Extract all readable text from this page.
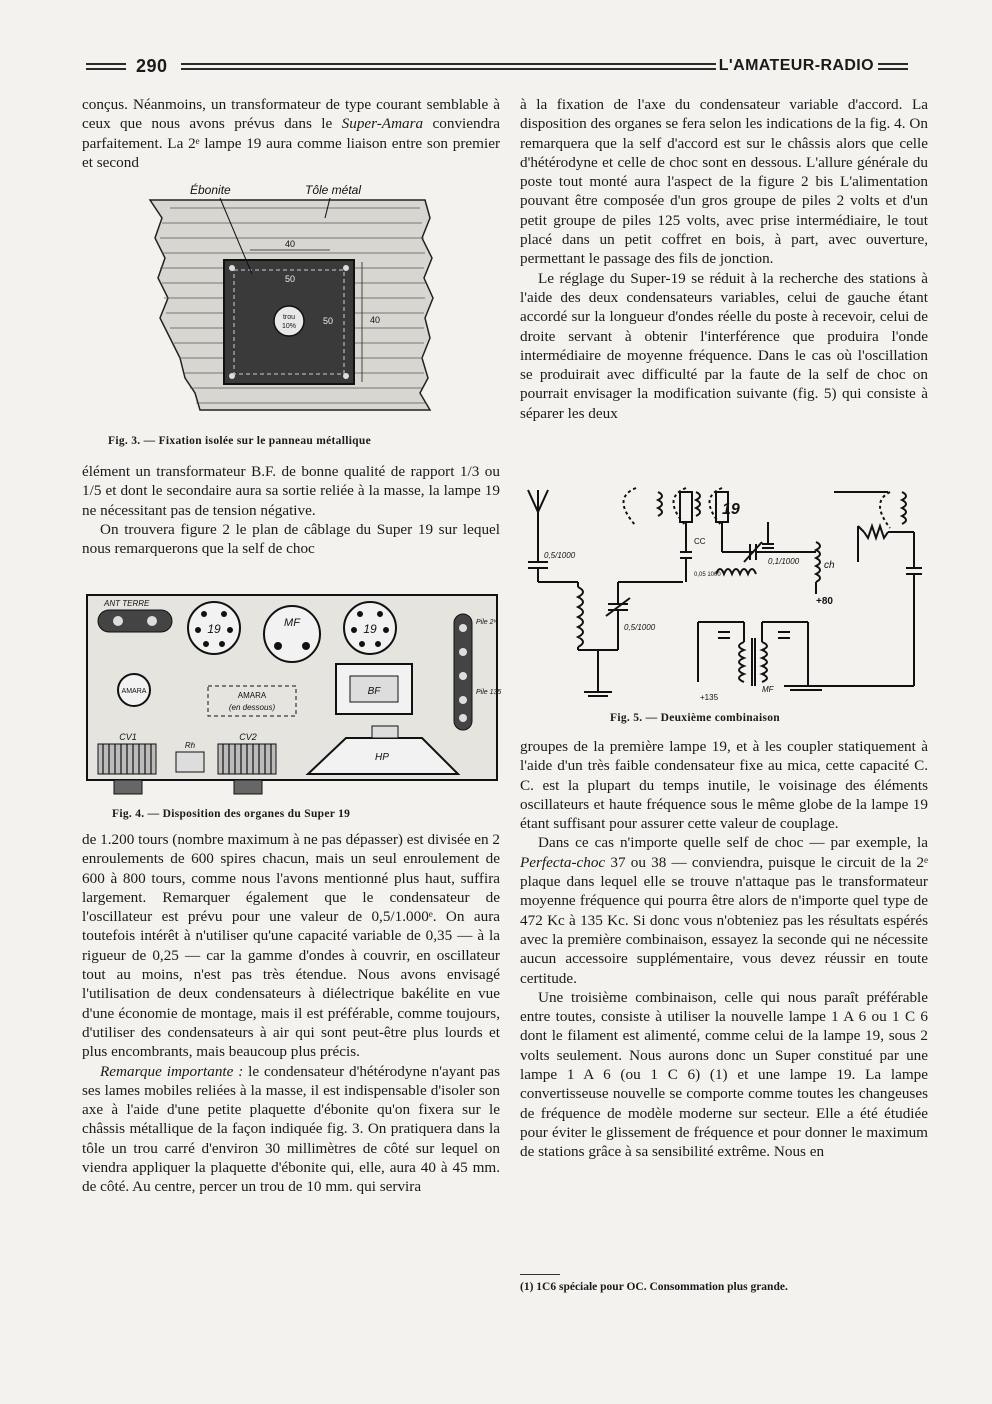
290	L'AMATEUR-RADIO

conçus. Néanmoins, un transformateur de type courant semblable à ceux que nous avons prévus dans le Super-Amara conviendra parfaitement. La 2ᵉ lampe 19 aura comme liaison entre son premier et second

trou
10%
40
50
50	40
Ébonite	Tôle métal
Fig. 3. — Fixation isolée sur le panneau métallique

élément un transformateur B.F. de bonne qualité de rapport 1/3 ou 1/5 et dont le secondaire aura sa sortie reliée à la masse, la lampe 19 ne nécessitant pas de tension négative.

On trouvera figure 2 le plan de câblage du Super 19 sur lequel nous remarquerons que la self de choc

ANT TERRE
19	MF	19	Pile 2ᵛ
Pile 135
AMARA	AMARA
(en dessous)
BF
HP
CV1
Rh
CV2
Fig. 4. — Disposition des organes du Super 19

de 1.200 tours (nombre maximum à ne pas dépasser) est divisée en 2 enroulements de 600 spires chacun, mais un seul enroulement de 600 à 800 tours, comme nous l'avons mentionné plus haut, suffira largement. Remarquer également que le condensateur de l'oscillateur est prévu pour une valeur de 0,5/1.000ᵉ. On aura toutefois intérêt à n'utiliser qu'une capacité variable de 0,35 — à la rigueur de 0,25 — car la gamme d'ondes à couvrir, en oscillateur tout au moins, n'est pas très étendue. Nous avons envisagé l'utilisation de deux condensateurs à diélectrique bakélite en vue d'une économie de montage, mais il est préférable, comme toujours, d'utiliser des condensateurs à air qui sont peut-être plus lourds et plus encombrants, mais beaucoup plus précis.

Remarque importante : le condensateur d'hétérodyne n'ayant pas ses lames mobiles reliées à la masse, il est indispensable d'isoler son axe à l'aide d'une petite plaquette d'ébonite qu'on fixera sur le châssis métallique de la façon indiquée fig. 3. On pratiquera dans la tôle un trou carré d'environ 30 millimètres de côté sur lequel on viendra appliquer la plaquette d'ébonite qui, elle, aura 40 à 45 mm. de côté. Au centre, percer un trou de 10 mm. qui servira

à la fixation de l'axe du condensateur variable d'accord. La disposition des organes se fera selon les indications de la fig. 4. On remarquera que la self d'accord est sur le châssis alors que celle d'hétérodyne et celle de choc sont en dessous. L'allure générale du poste tout monté aura l'aspect de la figure 2 bis L'alimentation pouvant être composée d'un gros groupe de piles 2 volts et d'un petit groupe de piles 125 volts, avec prise intermédiaire, le tout placé dans un petit coffret en bois, à part, avec ouverture, permettant le passage des fils de jonction.

Le réglage du Super-19 se réduit à la recherche des stations à l'aide des deux condensateurs variables, celui de gauche étant accordé sur la longueur d'ondes réelle du poste à recevoir, celui de droite servant à obtenir l'interférence que produira l'onde intermédiaire de moyenne fréquence. Dans le cas où l'oscillation se produirait avec difficulté par la faute de la self de choc on pourrait envisager la modification suivante (fig. 5) qui consiste à séparer les deux

19
0,5/1000
0,5/1000
0,1/1000
CC
0,05 1000
ch
+80
+135
MF
Fig. 5. — Deuxième combinaison

groupes de la première lampe 19, et à les coupler statiquement à l'aide d'un très faible condensateur fixe au mica, cette capacité C. C. est la plupart du temps inutile, le voisinage des éléments oscillateurs et haute fréquence sous le même globe de la lampe 19 étant suffisant pour assurer cette valeur de couplage.

Dans ce cas n'importe quelle self de choc — par exemple, la Perfecta-choc 37 ou 38 — conviendra, puisque le circuit de la 2ᵉ plaque dans lequel elle se trouve n'attaque pas le transformateur moyenne fréquence qui pourra être alors de n'importe quel type de 472 Kc à 135 Kc. Si donc vous n'obteniez pas les résultats espérés avec la première combinaison, essayez la seconde qui ne nécessite aucun accessoire supplémentaire, vous devez réussir en toute certitude.

Une troisième combinaison, celle qui nous paraît préférable entre toutes, consiste à utiliser la nouvelle lampe 1 A 6 ou 1 C 6 dont le filament est alimenté, comme celui de la lampe 19, sous 2 volts seulement. Nous aurons donc un Super constitué par une lampe 1 A 6 (ou 1 C 6) (1) et une lampe 19. La lampe convertisseuse nouvelle se comporte comme toutes les changeuses de fréquence de modèle moderne sur secteur. Elle a été étudiée pour éviter le glissement de fréquence et pour donner le maximum de stations grâce à sa sensibilité extrême. Nous en

(1) 1C6 spéciale pour OC. Consommation plus grande.
